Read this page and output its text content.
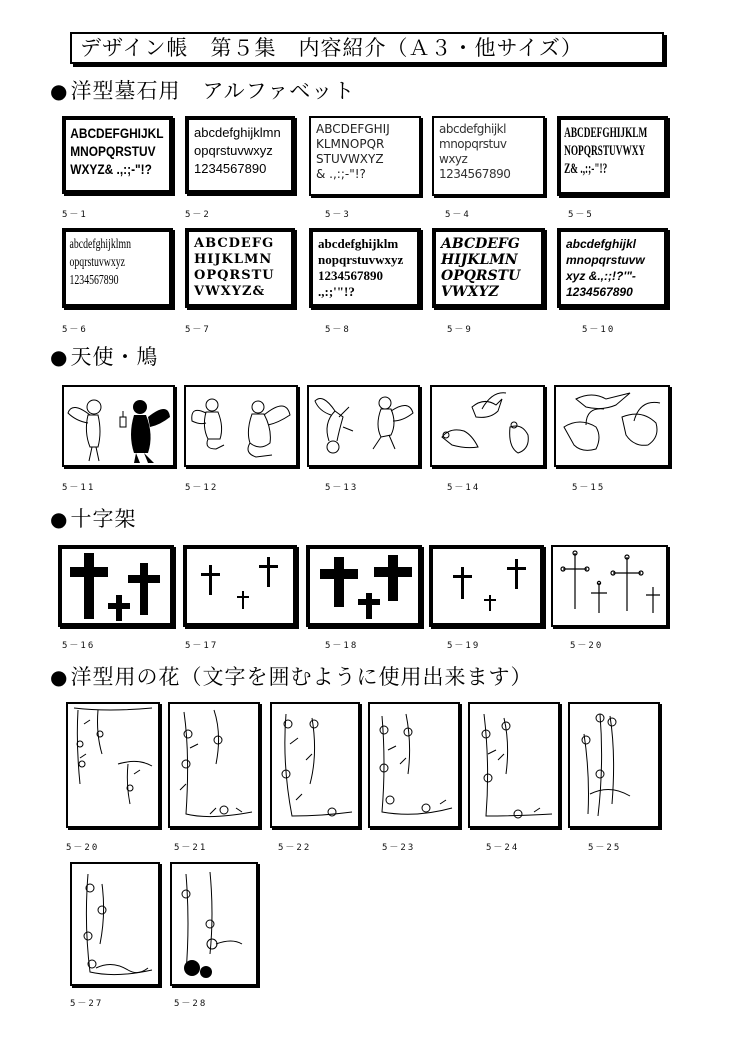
デザイン帳　第５集　内容紹介（Ａ３・他サイズ）
●洋型墓石用　アルファベット
ABCDEFGHIJKL
MNOPQRSTUV
WXYZ& .,:;-"!?
abcdefghijklmn
opqrstuvwxyz
1234567890
ABCDEFGHIJ
KLMNOPQR
STUVWXYZ
& .,:;-"!?
abcdefghijkl
mnopqrstuv
wxyz
1234567890
ABCDEFGHIJKLM
NOPQRSTUVWXY
Z& .,:;-"!?
5－1	5－2	5－3	5－4	5－5
abcdefghijklmn
opqrstuvwxyz
1234567890
ABCDEFG
HIJKLMN
OPQRSTU
VWXYZ&
abcdefghijklm
nopqrstuvwxyz
1234567890
.,:;'"!?
ABCDEFG
HIJKLMN
OPQRSTU
VWXYZ
abcdefghijkl
mnopqrstuvw
xyz &.,:;!?'"-
1234567890
5－6	5－7	5－8	5－9	5－10
●天使・鳩
5－11	5－12	5－13	5－14	5－15
●十字架
5－16	5－17	5－18	5－19	5－20
●洋型用の花（文字を囲むように使用出来ます）
5－20	5－21	5－22	5－23	5－24	5－25
5－27	5－28
